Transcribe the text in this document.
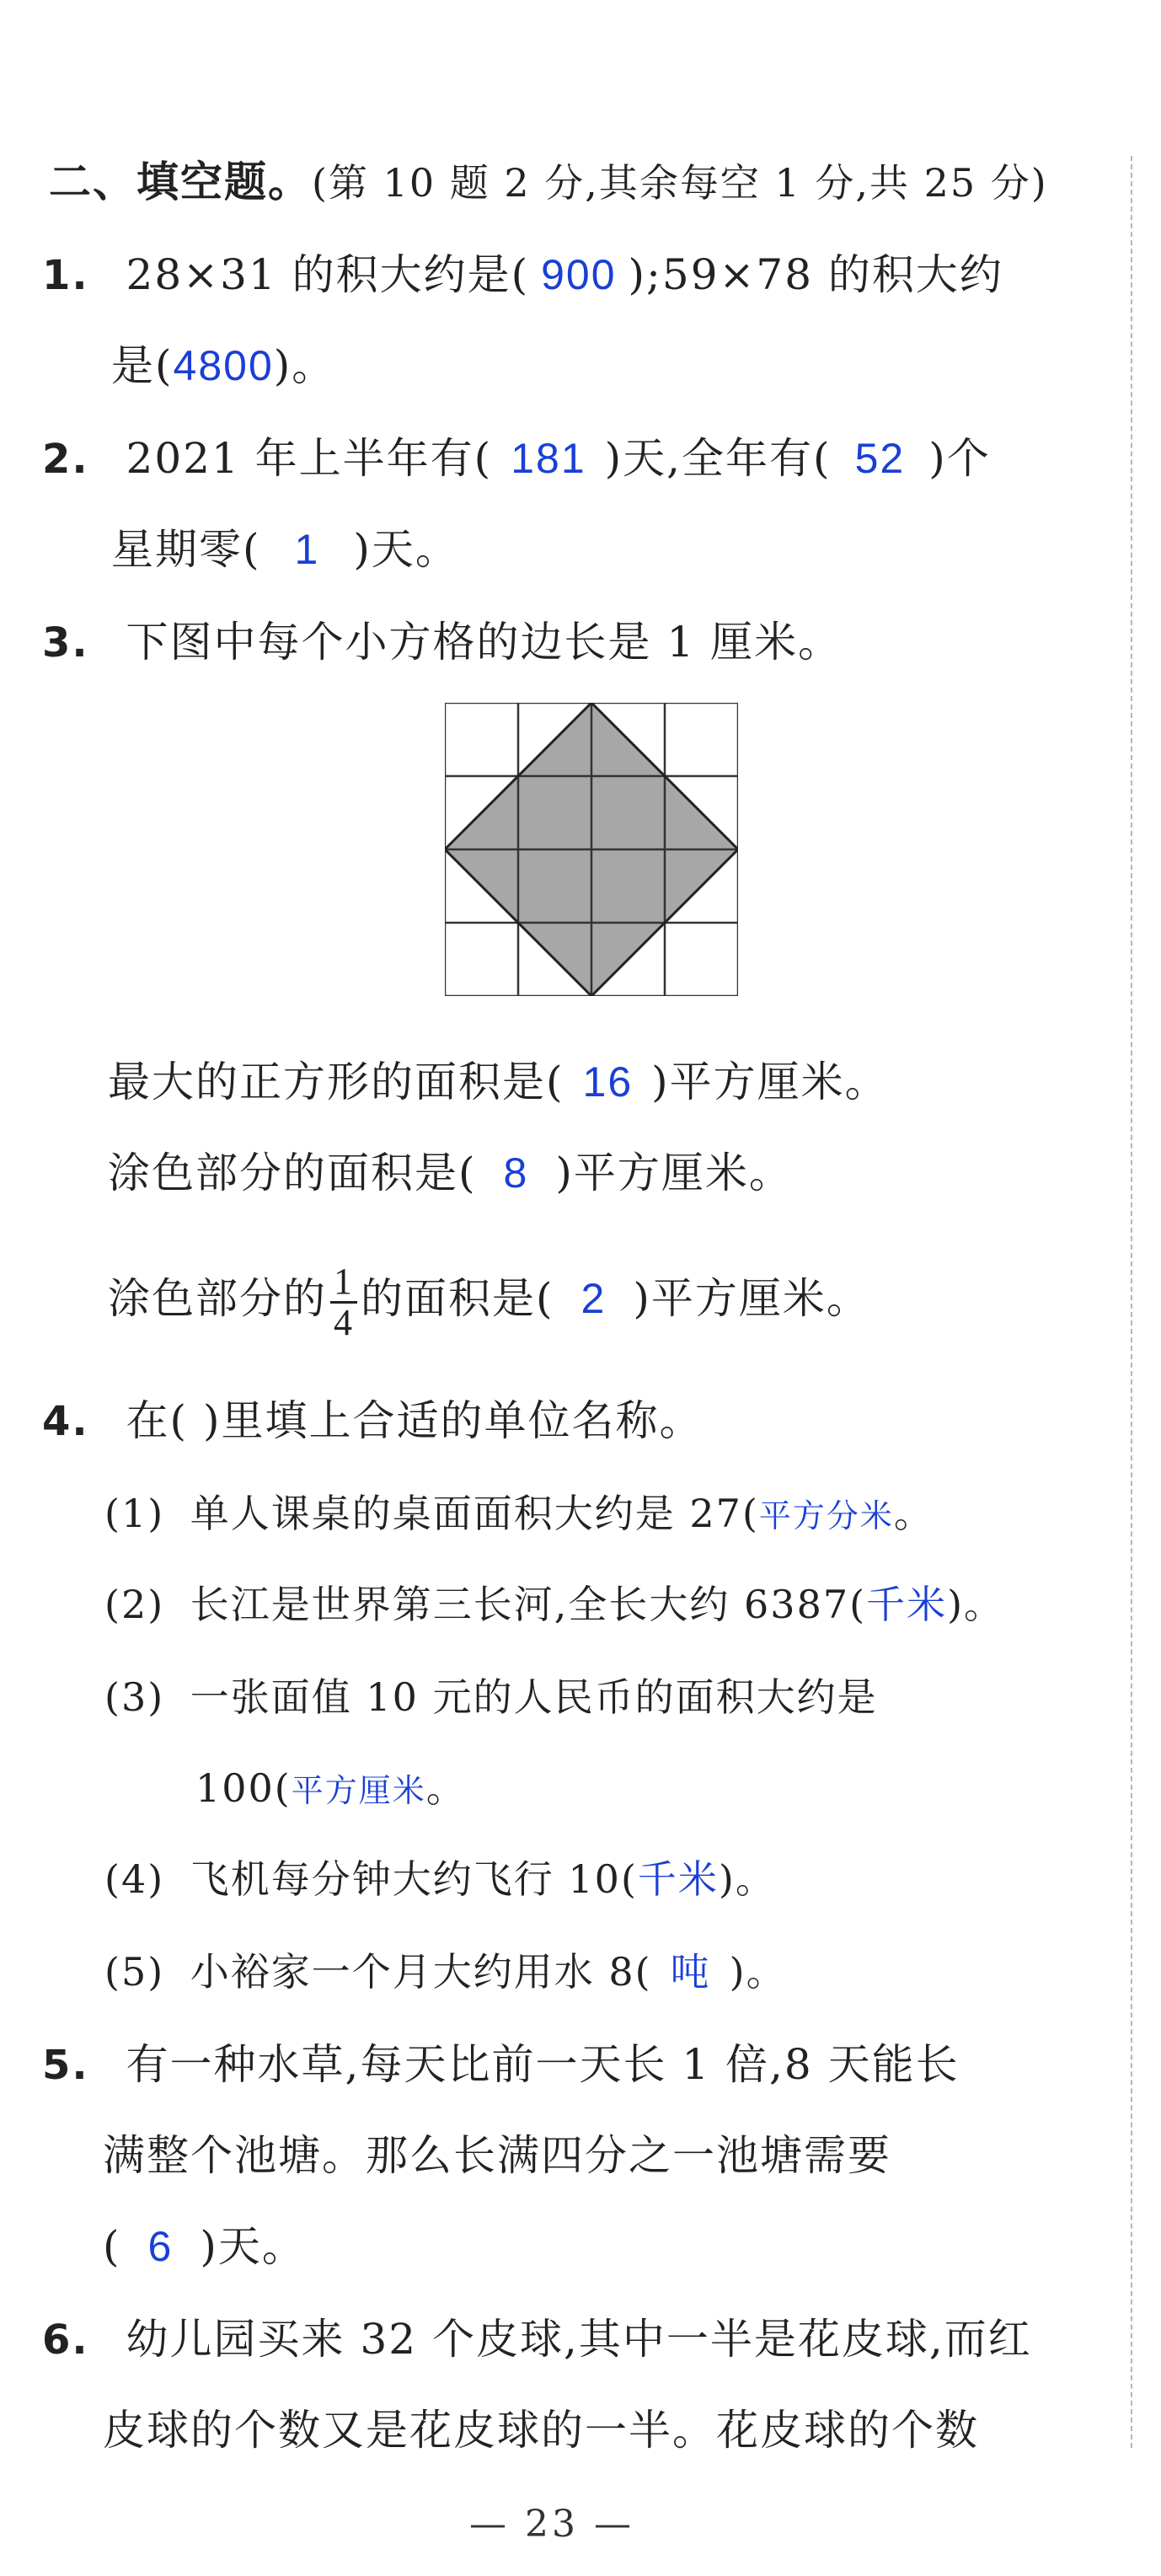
二、填空题。(第 10 题 2 分,其余每空 1 分,共 25 分)
1. 28×31 的积大约是( 900 );59×78 的积大约
是(4800)。
2. 2021 年上半年有( 181 )天,全年有( 52 )个
星期零( 1 )天。
3. 下图中每个小方格的边长是 1 厘米。
最大的正方形的面积是( 16 )平方厘米。
涂色部分的面积是( 8 )平方厘米。
涂色部分的 $\frac{1}{4}$ 的面积是( 2 )平方厘米。
4. 在( )里填上合适的单位名称。
(1) 单人课桌的桌面面积大约是 27(平方分米。
(2) 长江是世界第三长河,全长大约 6387(千米)。
(3) 一张面值 10 元的人民币的面积大约是
100(平方厘米。
(4) 飞机每分钟大约飞行 10(千米)。
(5) 小裕家一个月大约用水 8( 吨 )。
5. 有一种水草,每天比前一天长 1 倍,8 天能长
满整个池塘。那么长满四分之一池塘需要
( 6 )天。
6. 幼儿园买来 32 个皮球,其中一半是花皮球,而红
皮球的个数又是花皮球的一半。花皮球的个数
— 23 —
